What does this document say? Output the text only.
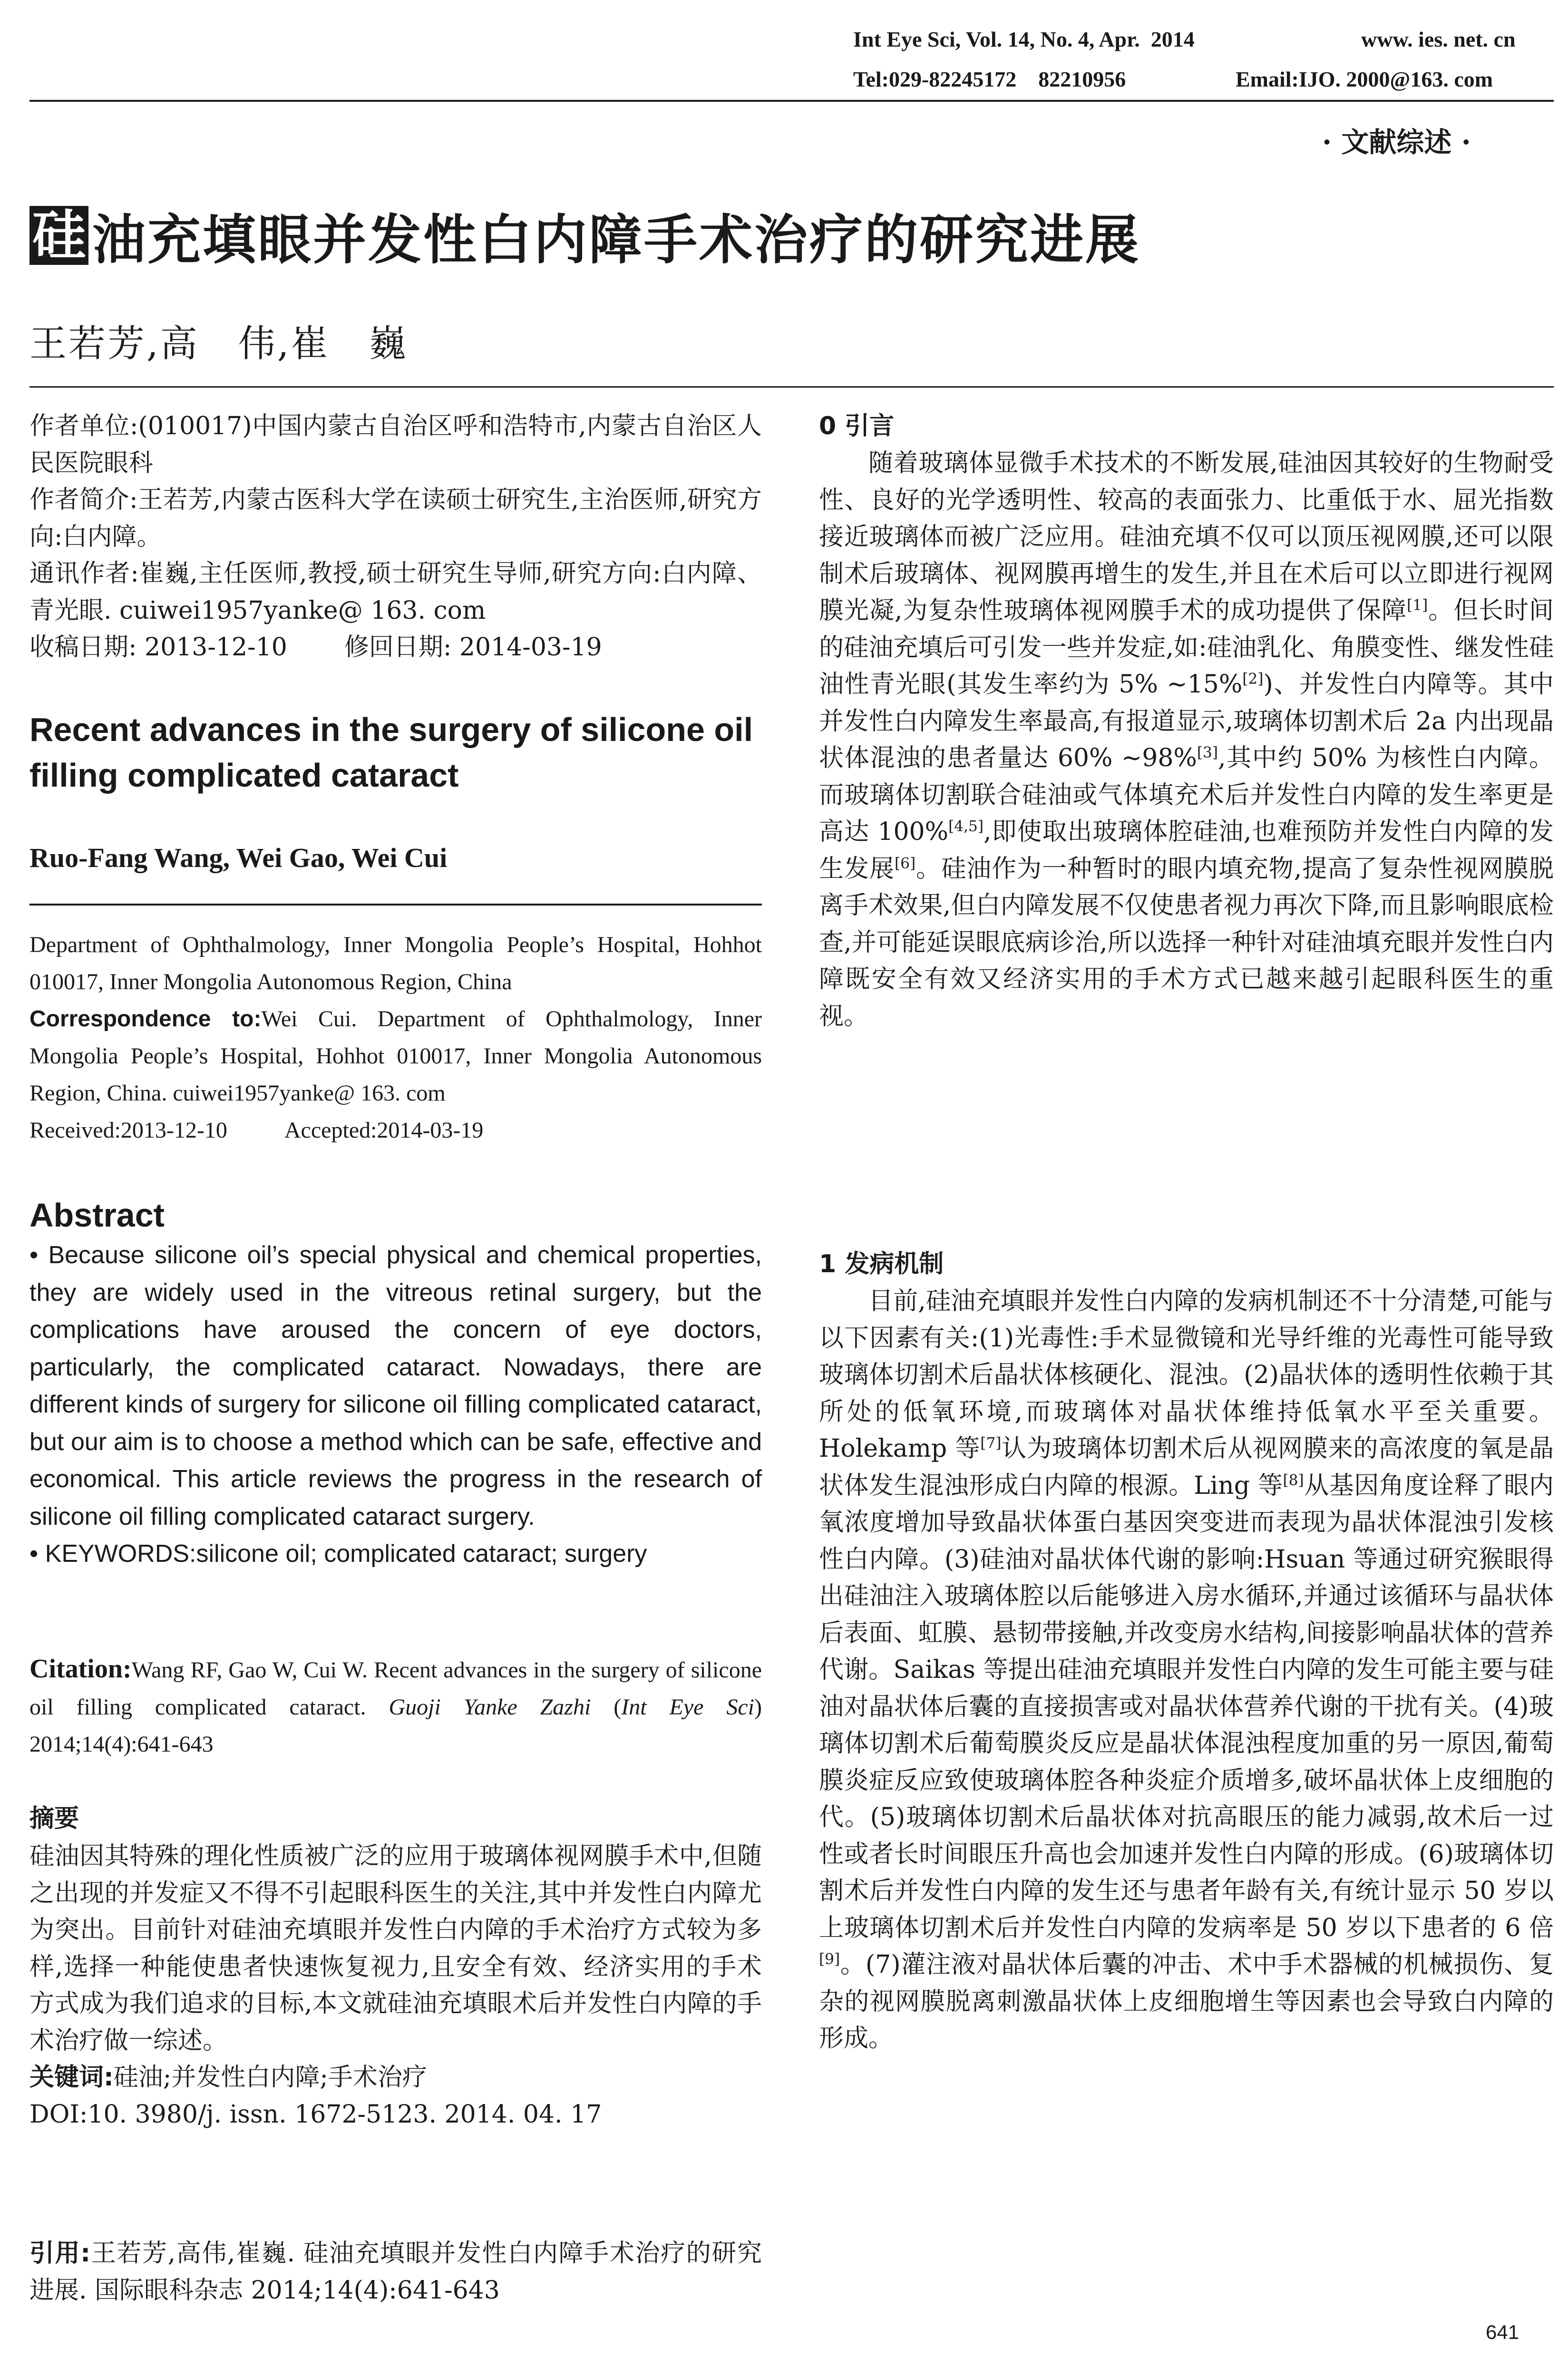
Int Eye Sci, Vol. 14, No. 4, Apr.  2014	www. ies. net. cn
Tel:029-82245172    82210956	Email:IJO. 2000@163. com
· 文献综述 ·
硅 油充填眼并发性白内障手术治疗的研究进展
王若芳,高　伟,崔　巍
作者单位:(010017)中国内蒙古自治区呼和浩特市,内蒙古自治区人民医院眼科
作者简介:王若芳,内蒙古医科大学在读硕士研究生,主治医师,研究方向:白内障。
通讯作者:崔巍,主任医师,教授,硕士研究生导师,研究方向:白内障、青光眼. cuiwei1957yanke@ 163. com
收稿日期: 2013-12-10 修回日期: 2014-03-19
Recent advances in the surgery of silicone oil filling complicated cataract
Ruo-Fang Wang, Wei Gao, Wei Cui
Department of Ophthalmology, Inner Mongolia People’s Hospital, Hohhot 010017, Inner Mongolia Autonomous Region, China
Correspondence to:Wei Cui. Department of Ophthalmology, Inner Mongolia People’s Hospital, Hohhot 010017, Inner Mongolia Autonomous Region, China. cuiwei1957yanke@ 163. com
Received:2013-12-10	Accepted:2014-03-19
Abstract
• Because silicone oil’s special physical and chemical properties, they are widely used in the vitreous retinal surgery, but the complications have aroused the concern of eye doctors, particularly, the complicated cataract. Nowadays, there are different kinds of surgery for silicone oil filling complicated cataract, but our aim is to choose a method which can be safe, effective and economical. This article reviews the progress in the research of silicone oil filling complicated cataract surgery.
• KEYWORDS:silicone oil; complicated cataract; surgery
Citation:Wang RF, Gao W, Cui W. Recent advances in the surgery of silicone oil filling complicated cataract. Guoji Yanke Zazhi (Int Eye Sci) 2014;14(4):641-643
摘要
硅油因其特殊的理化性质被广泛的应用于玻璃体视网膜手术中,但随之出现的并发症又不得不引起眼科医生的关注,其中并发性白内障尤为突出。目前针对硅油充填眼并发性白内障的手术治疗方式较为多样,选择一种能使患者快速恢复视力,且安全有效、经济实用的手术方式成为我们追求的目标,本文就硅油充填眼术后并发性白内障的手术治疗做一综述。
关键词:硅油;并发性白内障;手术治疗
DOI:10. 3980/j. issn. 1672-5123. 2014. 04. 17
引用:王若芳,高伟,崔巍. 硅油充填眼并发性白内障手术治疗的研究进展. 国际眼科杂志 2014;14(4):641-643
0 引言

随着玻璃体显微手术技术的不断发展,硅油因其较好的生物耐受性、良好的光学透明性、较高的表面张力、比重低于水、屈光指数接近玻璃体而被广泛应用。硅油充填不仅可以顶压视网膜,还可以限制术后玻璃体、视网膜再增生的发生,并且在术后可以立即进行视网膜光凝,为复杂性玻璃体视网膜手术的成功提供了保障[1]。但长时间的硅油充填后可引发一些并发症,如:硅油乳化、角膜变性、继发性硅油性青光眼(其发生率约为 5% ~15%[2])、并发性白内障等。其中并发性白内障发生率最高,有报道显示,玻璃体切割术后 2a 内出现晶状体混浊的患者量达 60% ~98%[3],其中约 50% 为核性白内障。而玻璃体切割联合硅油或气体填充术后并发性白内障的发生率更是高达 100%[4,5],即使取出玻璃体腔硅油,也难预防并发性白内障的发生发展[6]。硅油作为一种暂时的眼内填充物,提高了复杂性视网膜脱离手术效果,但白内障发展不仅使患者视力再次下降,而且影响眼底检查,并可能延误眼底病诊治,所以选择一种针对硅油填充眼并发性白内障既安全有效又经济实用的手术方式已越来越引起眼科医生的重视。

1 发病机制

目前,硅油充填眼并发性白内障的发病机制还不十分清楚,可能与以下因素有关:(1)光毒性:手术显微镜和光导纤维的光毒性可能导致玻璃体切割术后晶状体核硬化、混浊。(2)晶状体的透明性依赖于其所处的低氧环境,而玻璃体对晶状体维持低氧水平至关重要。Holekamp 等[7]认为玻璃体切割术后从视网膜来的高浓度的氧是晶状体发生混浊形成白内障的根源。Ling 等[8]从基因角度诠释了眼内氧浓度增加导致晶状体蛋白基因突变进而表现为晶状体混浊引发核性白内障。(3)硅油对晶状体代谢的影响:Hsuan 等通过研究猴眼得出硅油注入玻璃体腔以后能够进入房水循环,并通过该循环与晶状体后表面、虹膜、悬韧带接触,并改变房水结构,间接影响晶状体的营养代谢。Saikas 等提出硅油充填眼并发性白内障的发生可能主要与硅油对晶状体后囊的直接损害或对晶状体营养代谢的干扰有关。(4)玻璃体切割术后葡萄膜炎反应是晶状体混浊程度加重的另一原因,葡萄膜炎症反应致使玻璃体腔各种炎症介质增多,破坏晶状体上皮细胞的代。(5)玻璃体切割术后晶状体对抗高眼压的能力减弱,故术后一过性或者长时间眼压升高也会加速并发性白内障的形成。(6)玻璃体切割术后并发性白内障的发生还与患者年龄有关,有统计显示 50 岁以上玻璃体切割术后并发性白内障的发病率是 50 岁以下患者的 6 倍[9]。(7)灌注液对晶状体后囊的冲击、术中手术器械的机械损伤、复杂的视网膜脱离刺激晶状体上皮细胞增生等因素也会导致白内障的形成。

641
